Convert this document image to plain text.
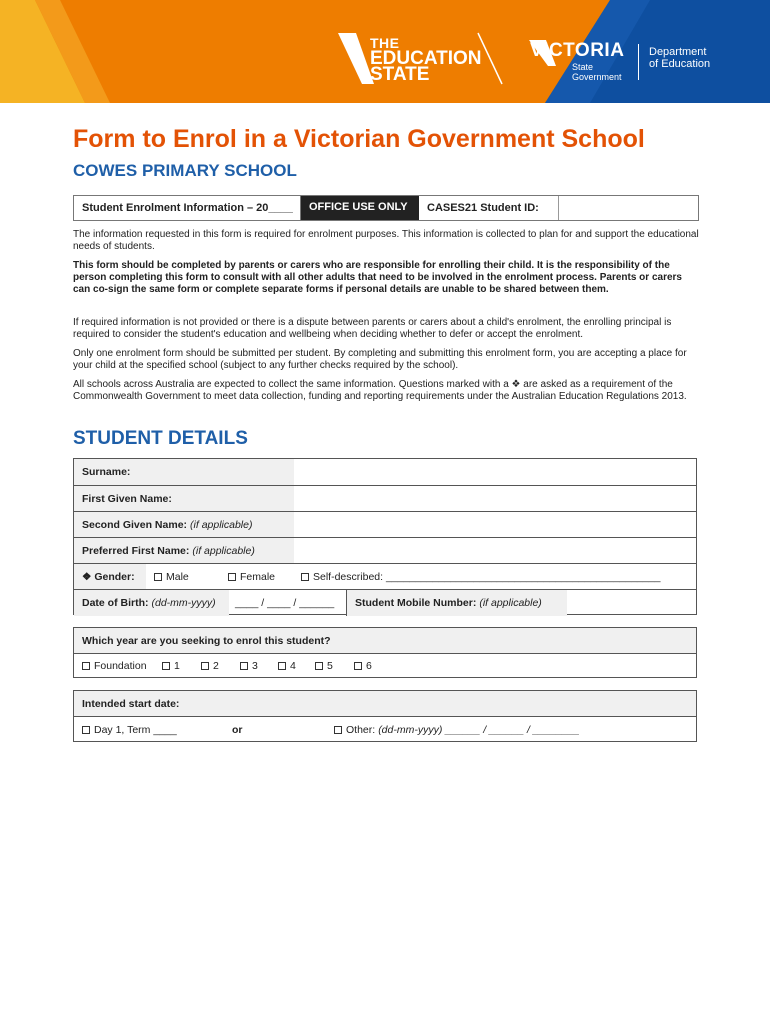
THE
EDUCATION
STATE
VICTORIA
State
Government
Department
of Education
Form to Enrol in a Victorian Government School
COWES PRIMARY SCHOOL
Student Enrolment Information – 20____	OFFICE USE ONLY	CASES21 Student ID:

The information requested in this form is required for enrolment purposes. This information is collected to plan for and support the educational needs of students.

This form should be completed by parents or carers who are responsible for enrolling their child. It is the responsibility of the person completing this form to consult with all other adults that need to be involved in the enrolment process. Parents or carers can co-sign the same form or complete separate forms if personal details are unable to be shared between them.

If required information is not provided or there is a dispute between parents or carers about a child's enrolment, the enrolling principal is required to consider the student's education and wellbeing when deciding whether to defer or accept the enrolment.

Only one enrolment form should be submitted per student. By completing and submitting this enrolment form, you are accepting a place for your child at the specified school (subject to any further checks required by the school).

All schools across Australia are expected to collect the same information. Questions marked with a ❖ are asked as a requirement of the Commonwealth Government to meet data collection, funding and reporting requirements under the Australian Education Regulations 2013.

STUDENT DETAILS
Surname:
First Given Name:
Second Given Name: (if applicable)
Preferred First Name: (if applicable)
❖ Gender:	Male	Female	Self-described: _______________________________________________
Date of Birth: (dd-mm-yyyy) ____ / ____ / ______ Student Mobile Number: (if applicable)
Which year are you seeking to enrol this student?
Foundation	1	2	3	4	5	6
Intended start date:
Day 1, Term ____	or	Other: (dd-mm-yyyy) ______ / ______ / ________
